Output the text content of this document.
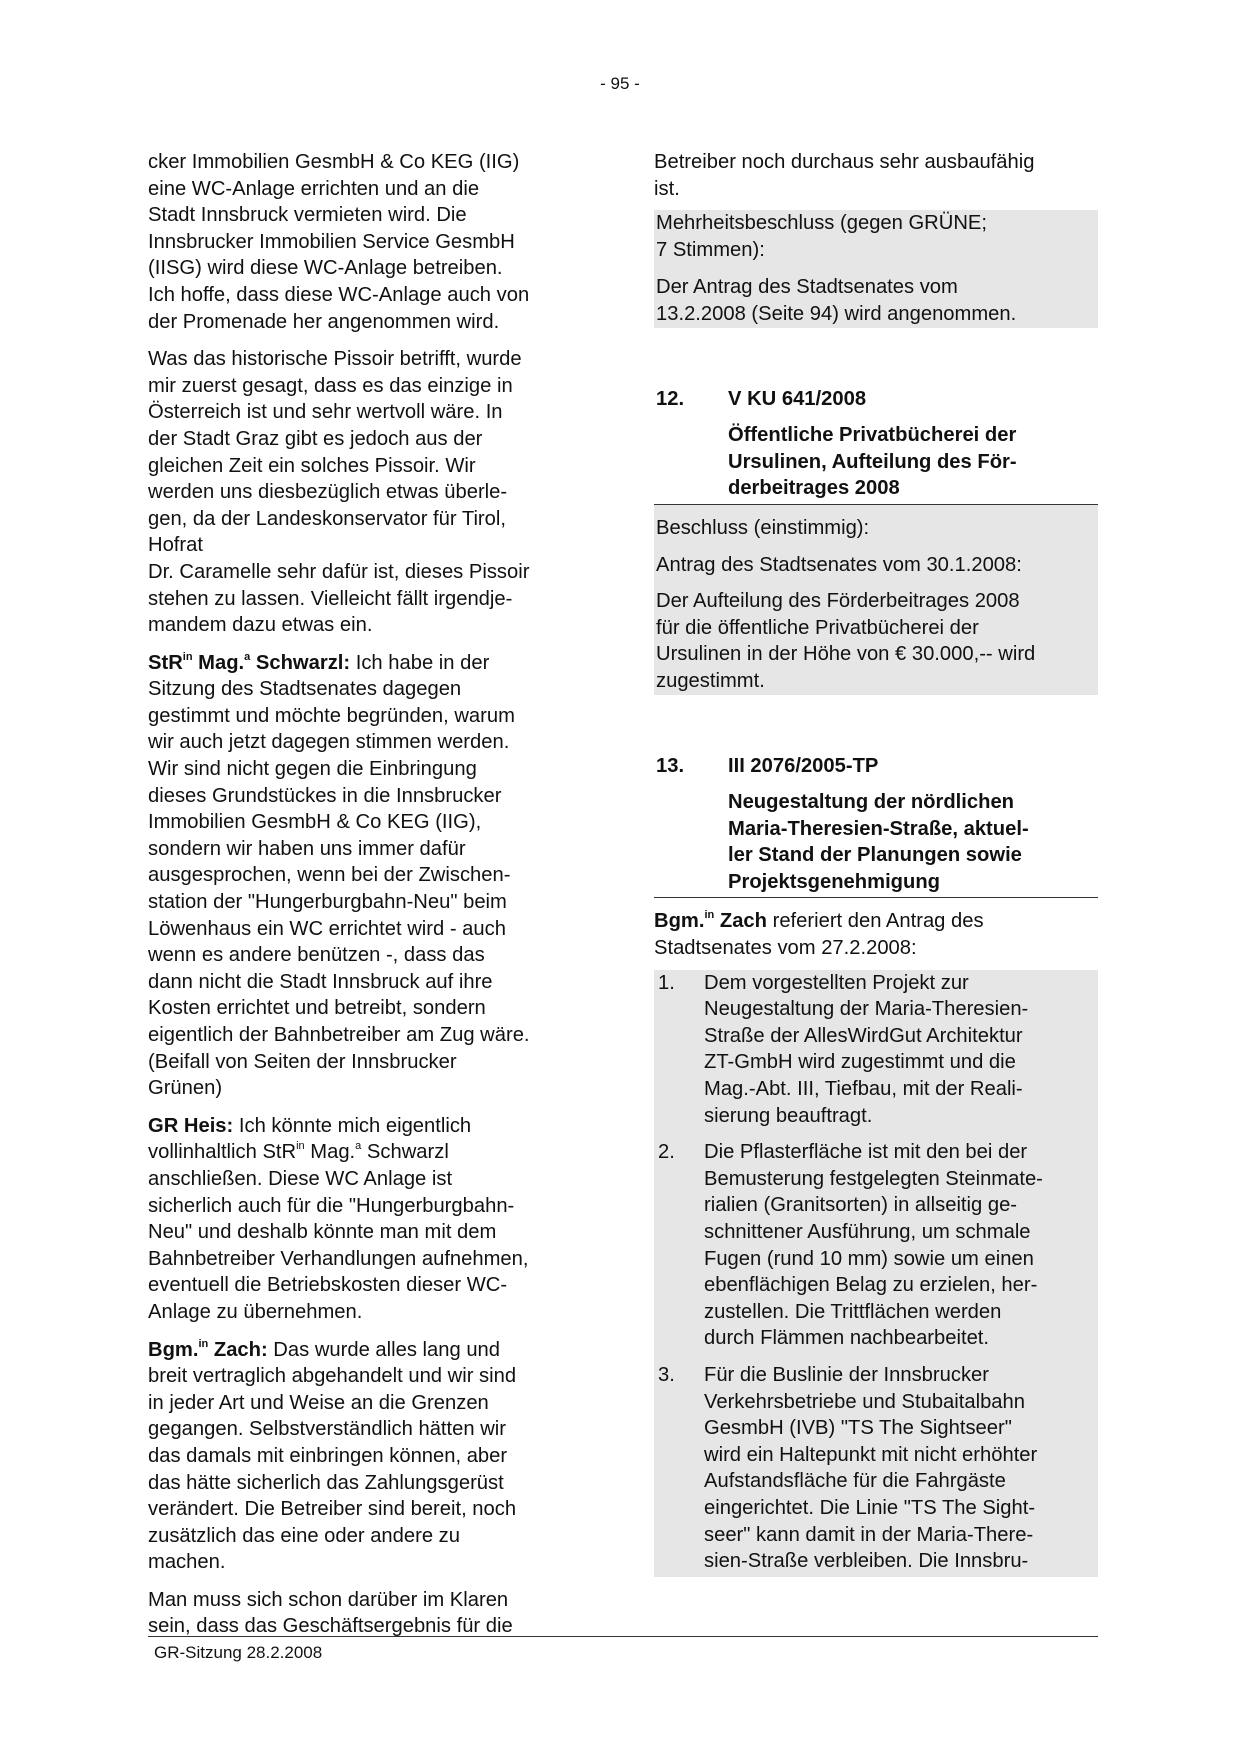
- 95 -
cker Immobilien GesmbH & Co KEG (IIG)
eine WC-Anlage errichten und an die
Stadt Innsbruck vermieten wird. Die
Innsbrucker Immobilien Service GesmbH
(IISG) wird diese WC-Anlage betreiben.
Ich hoffe, dass diese WC-Anlage auch von
der Promenade her angenommen wird.
Was das historische Pissoir betrifft, wurde
mir zuerst gesagt, dass es das einzige in
Österreich ist und sehr wertvoll wäre. In
der Stadt Graz gibt es jedoch aus der
gleichen Zeit ein solches Pissoir. Wir
werden uns diesbezüglich etwas überle-
gen, da der Landeskonservator für Tirol,
Hofrat
Dr. Caramelle sehr dafür ist, dieses Pissoir
stehen zu lassen. Vielleicht fällt irgendje-
mandem dazu etwas ein.
StR$^{in}$ Mag.$^a$ Schwarzl: Ich habe in der
Sitzung des Stadtsenates dagegen
gestimmt und möchte begründen, warum
wir auch jetzt dagegen stimmen werden.
Wir sind nicht gegen die Einbringung
dieses Grundstückes in die Innsbrucker
Immobilien GesmbH & Co KEG (IIG),
sondern wir haben uns immer dafür
ausgesprochen, wenn bei der Zwischen-
station der "Hungerburgbahn-Neu" beim
Löwenhaus ein WC errichtet wird - auch
wenn es andere benützen -, dass das
dann nicht die Stadt Innsbruck auf ihre
Kosten errichtet und betreibt, sondern
eigentlich der Bahnbetreiber am Zug wäre.
(Beifall von Seiten der Innsbrucker
Grünen)
GR Heis: Ich könnte mich eigentlich
vollinhaltlich StR$^{in}$ Mag.$^a$ Schwarzl
anschließen. Diese WC Anlage ist
sicherlich auch für die "Hungerburgbahn-
Neu" und deshalb könnte man mit dem
Bahnbetreiber Verhandlungen aufnehmen,
eventuell die Betriebskosten dieser WC-
Anlage zu übernehmen.
Bgm.$^{in}$ Zach: Das wurde alles lang und
breit vertraglich abgehandelt und wir sind
in jeder Art und Weise an die Grenzen
gegangen. Selbstverständlich hätten wir
das damals mit einbringen können, aber
das hätte sicherlich das Zahlungsgerüst
verändert. Die Betreiber sind bereit, noch
zusätzlich das eine oder andere zu
machen.
Man muss sich schon darüber im Klaren
sein, dass das Geschäftsergebnis für die
Betreiber noch durchaus sehr ausbaufähig
ist.

Mehrheitsbeschluss (gegen GRÜNE;
7 Stimmen):

Der Antrag des Stadtsenates vom
13.2.2008 (Seite 94) wird angenommen.

12. V KU 641/2008
Öffentliche Privatbücherei der
Ursulinen, Aufteilung des För-
derbeitrages 2008

Beschluss (einstimmig):

Antrag des Stadtsenates vom 30.1.2008:

Der Aufteilung des Förderbeitrages 2008
für die öffentliche Privatbücherei der
Ursulinen in der Höhe von € 30.000,-- wird
zugestimmt.

13. III 2076/2005-TP
Neugestaltung der nördlichen
Maria-Theresien-Straße, aktuel-
ler Stand der Planungen sowie
Projektsgenehmigung
Bgm.$^{in}$ Zach referiert den Antrag des
Stadtsenates vom 27.2.2008:
1. Dem vorgestellten Projekt zur
Neugestaltung der Maria-Theresien-
Straße der AllesWirdGut Architektur
ZT-GmbH wird zugestimmt und die
Mag.-Abt. III, Tiefbau, mit der Reali-
sierung beauftragt.
2. Die Pflasterfläche ist mit den bei der
Bemusterung festgelegten Steinmate-
rialien (Granitsorten) in allseitig ge-
schnittener Ausführung, um schmale
Fugen (rund 10 mm) sowie um einen
ebenflächigen Belag zu erzielen, her-
zustellen. Die Trittflächen werden
durch Flämmen nachbearbeitet.
3. Für die Buslinie der Innsbrucker
Verkehrsbetriebe und Stubaitalbahn
GesmbH (IVB) "TS The Sightseer"
wird ein Haltepunkt mit nicht erhöhter
Aufstandsfläche für die Fahrgäste
eingerichtet. Die Linie "TS The Sight-
seer" kann damit in der Maria-There-
sien-Straße verbleiben. Die Innsbru-
GR-Sitzung 28.2.2008
